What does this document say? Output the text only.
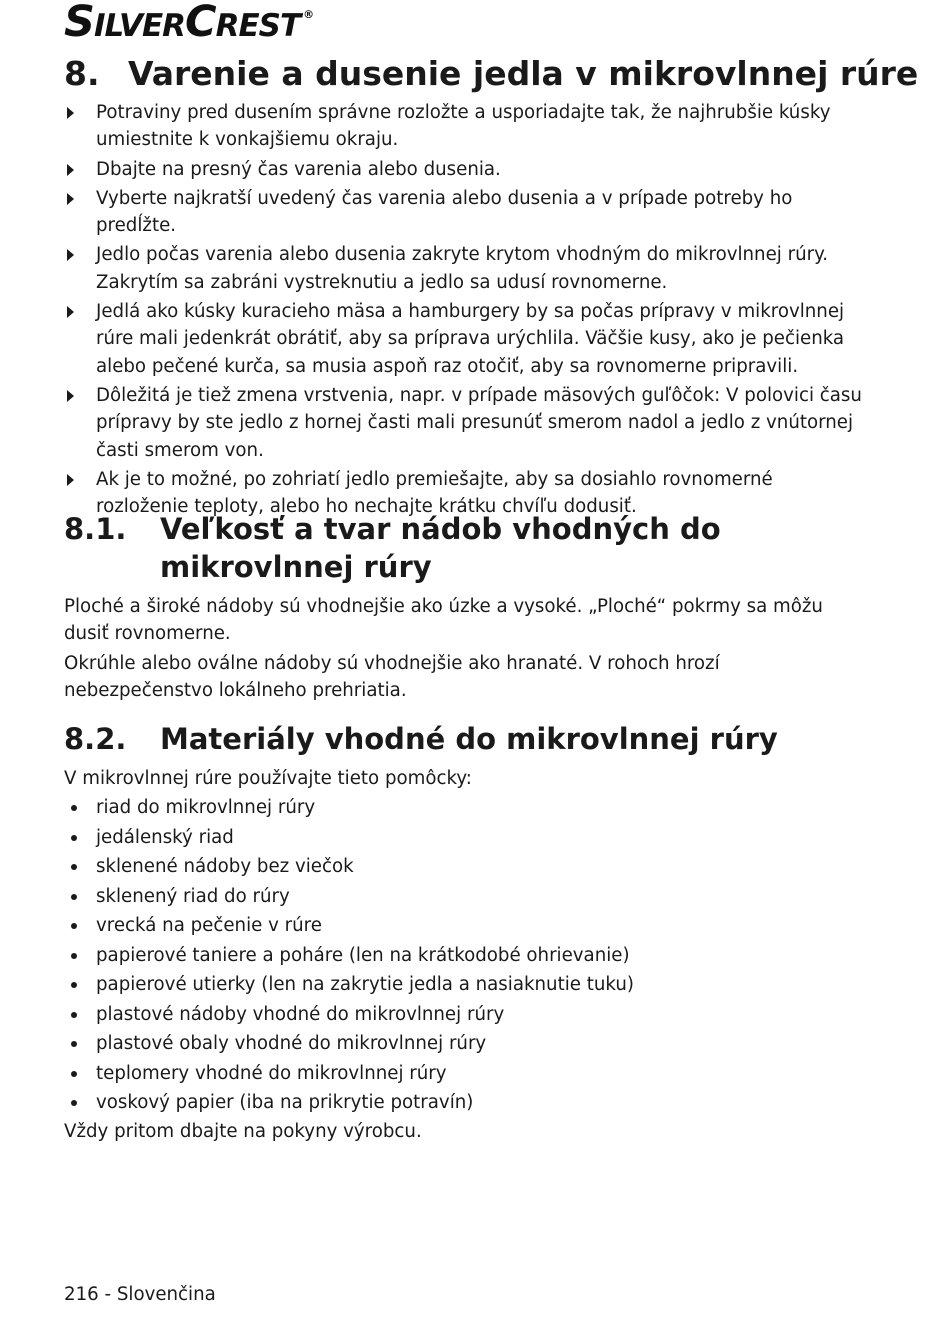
SILVERCREST ®
8. Varenie a dusenie jedla v mikrovlnnej rúre
Potraviny pred dusením správne rozložte a usporiadajte tak, že najhrubšie kúsky umiestnite k vonkajšiemu okraju.
Dbajte na presný čas varenia alebo dusenia.
Vyberte najkratší uvedený čas varenia alebo dusenia a v prípade potreby ho predĺžte.
Jedlo počas varenia alebo dusenia zakryte krytom vhodným do mikrovlnnej rúry. Zakrytím sa zabráni vystreknutiu a jedlo sa udusí rovnomerne.
Jedlá ako kúsky kuracieho mäsa a hamburgery by sa počas prípravy v mikrovlnnej rúre mali jedenkrát obrátiť, aby sa príprava urýchlila. Väčšie kusy, ako je pečienka alebo pečené kurča, sa musia aspoň raz otočiť, aby sa rovnomerne pripravili.
Dôležitá je tiež zmena vrstvenia, napr. v prípade mäsových guľôčok: V polovici času prípravy by ste jedlo z hornej časti mali presunúť smerom nadol a jedlo z vnútornej časti smerom von.
Ak je to možné, po zohriatí jedlo premiešajte, aby sa dosiahlo rovnomerné rozloženie teploty, alebo ho nechajte krátku chvíľu dodusiť.
8.1. Veľkosť a tvar nádob vhodných do mikrovlnnej rúry

Ploché a široké nádoby sú vhodnejšie ako úzke a vysoké. „Ploché“ pokrmy sa môžu dusiť rovnomerne.

Okrúhle alebo oválne nádoby sú vhodnejšie ako hranaté. V rohoch hrozí nebezpečenstvo lokálneho prehriatia.

8.2. Materiály vhodné do mikrovlnnej rúry

V mikrovlnnej rúre používajte tieto pomôcky:

riad do mikrovlnnej rúry
jedálenský riad
sklenené nádoby bez viečok
sklenený riad do rúry
vrecká na pečenie v rúre
papierové taniere a poháre (len na krátkodobé ohrievanie)
papierové utierky (len na zakrytie jedla a nasiaknutie tuku)
plastové nádoby vhodné do mikrovlnnej rúry
plastové obaly vhodné do mikrovlnnej rúry
teplomery vhodné do mikrovlnnej rúry
voskový papier (iba na prikrytie potravín)

Vždy pritom dbajte na pokyny výrobcu.

216 - Slovenčina
